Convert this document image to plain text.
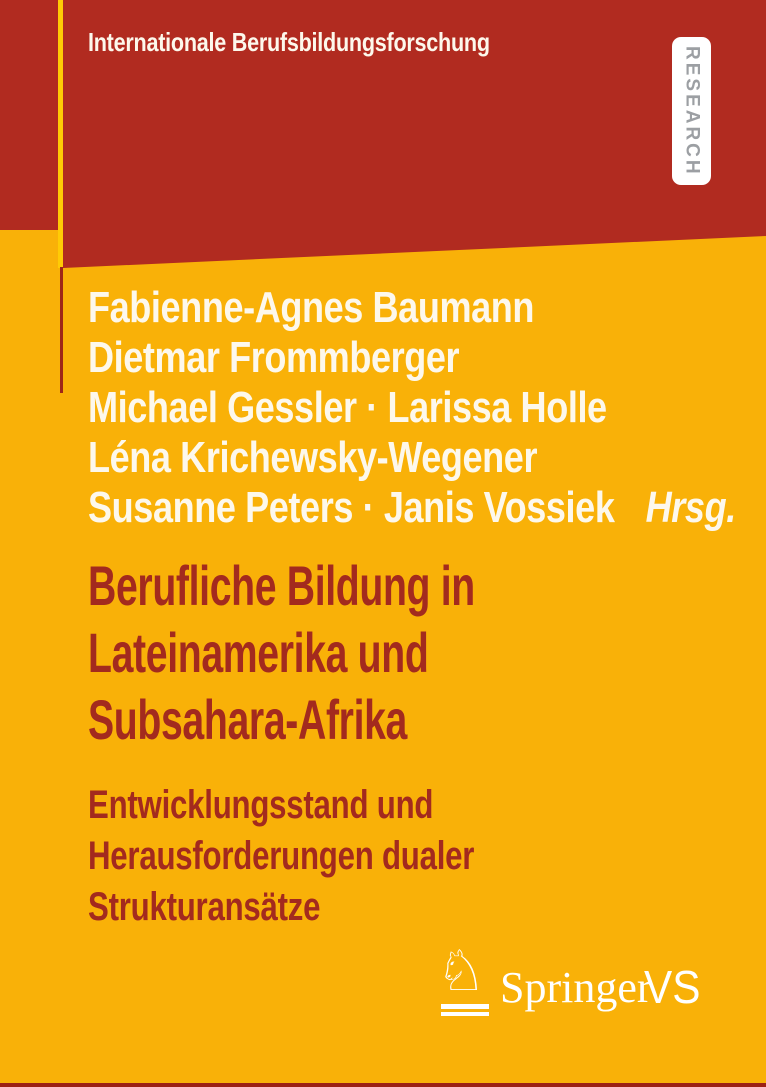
Internationale Berufsbildungsforschung
RESEARCH
Fabienne-Agnes Baumann
Dietmar Frommberger
Michael Gessler · Larissa Holle
Léna Krichewsky-Wegener
Susanne Peters · Janis Vossiek Hrsg.
Berufliche Bildung in
Lateinamerika und
Subsahara-Afrika
Entwicklungsstand und
Herausforderungen dualer
Strukturansätze
♘ Springer
VS
